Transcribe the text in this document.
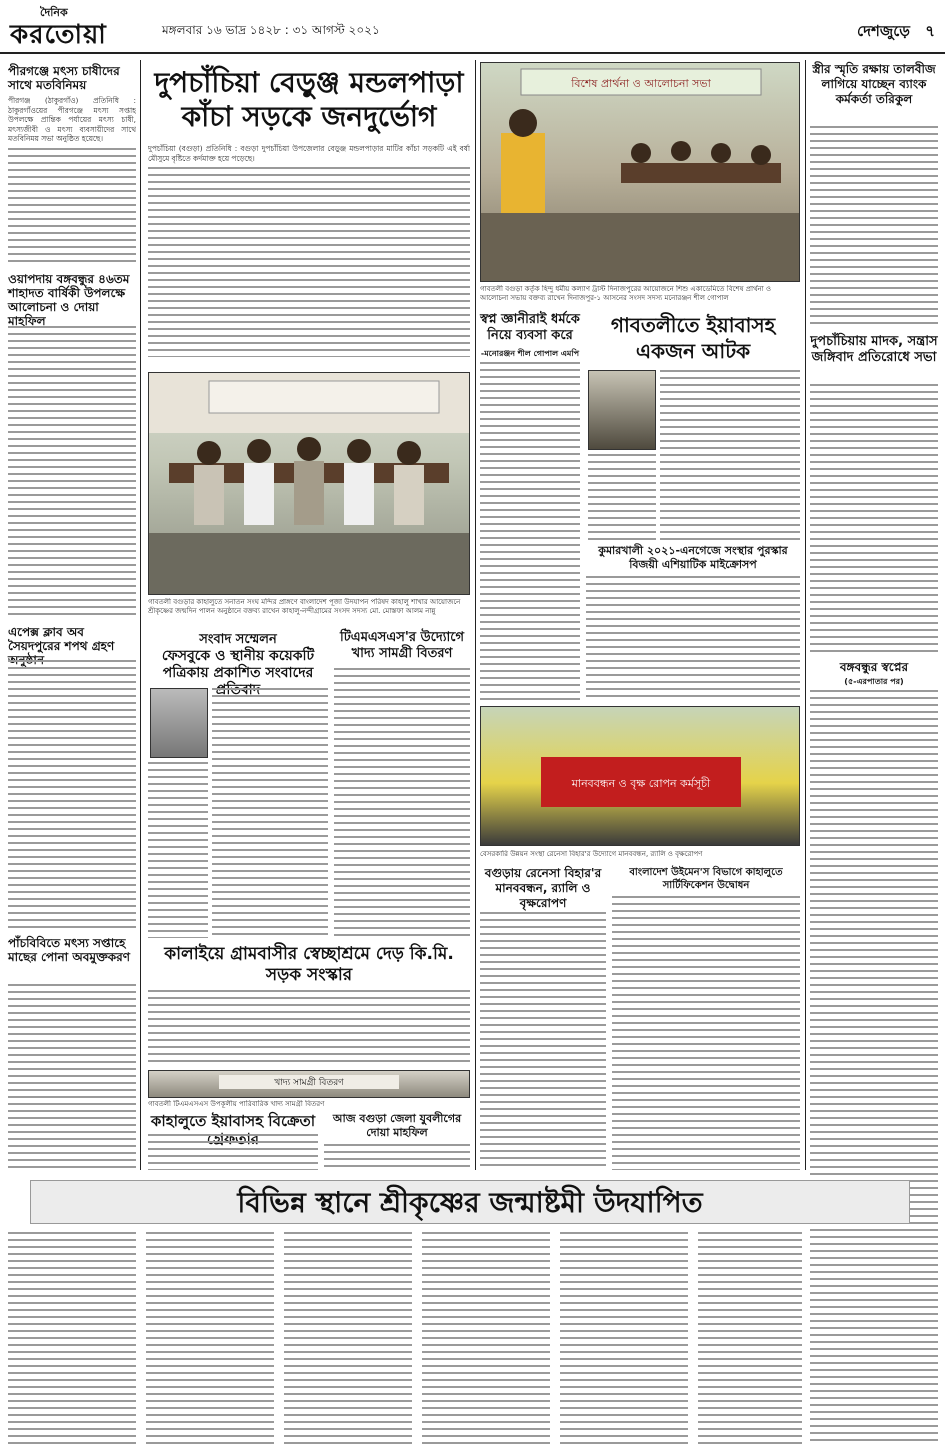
দৈনিক
করতোয়া	মঙ্গলবার ১৬ ভাদ্র ১৪২৮ : ৩১ আগস্ট ২০২১	দেশজুড়ে ৭
পীরগঞ্জে মৎস্য চাষীদের সাথে মতবিনিময়
পীরগঞ্জ (ঠাকুরগাঁও) প্রতিনিধি : ঠাকুরগাঁওয়ের পীরগঞ্জে মৎস্য সপ্তাহ উপলক্ষে প্রান্তিক পর্যায়ের মৎস্য চাষী, মৎস্যজীবী ও মৎস্য ব্যবসায়ীদের সাথে মতবিনিময় সভা অনুষ্ঠিত হয়েছে।
ওয়াপদায় বঙ্গবন্ধুর ৪৬তম শাহাদত বার্ষিকী উপলক্ষে আলোচনা ও দোয়া মাহফিল
এপেক্স ক্লাব অব সৈয়দপুরের শপথ গ্রহণ অনুষ্ঠান
পাঁচবিবিতে মৎস্য সপ্তাহে মাছের পোনা অবমুক্তকরণ
দুপচাঁচিয়া বেড়ুঞ্জ মন্ডলপাড়া কাঁচা সড়কে জনদুর্ভোগ
দুপচাঁচিয়া (বগুড়া) প্রতিনিধি : বগুড়া দুপচাঁচিয়া উপজেলার বেড়ুঞ্জ মন্ডলপাড়ার মাটির কাঁচা সড়কটি এই বর্ষা মৌসুমে বৃষ্টিতে কর্দমাক্ত হয়ে পড়েছে।
গাবতলী বগুড়ার কাহালুতে সনাতন সংঘ মন্দির প্রাঙ্গণে বাংলাদেশ পূজা উদযাপন পরিষদ কাহালু শাখার আয়োজনে শ্রীকৃষ্ণের জন্মদিন পালন অনুষ্ঠানে বক্তব্য রাখেন কাহালু-নন্দীগ্রামের সংসদ সদস্য মো. মোস্তফা আলম নান্নু
সংবাদ সম্মেলন
ফেসবুকে ও স্থানীয় কয়েকটি পত্রিকায় প্রকাশিত সংবাদের প্রতিবাদ
টিএমএসএস'র উদ্যোগে খাদ্য সামগ্রী বিতরণ
কালাইয়ে গ্রামবাসীর স্বেচ্ছাশ্রমে দেড় কি.মি. সড়ক সংস্কার
খাদ্য সামগ্রী বিতরণ
গাবতলী টিএমএসএস উপকূলীয় পারিবারিক খাদ্য সামগ্রী বিতরণ
কাহালুতে ইয়াবাসহ বিক্রেতা গ্রেফতার
আজ বগুড়া জেলা যুবলীগের দোয়া মাহফিল
বিশেষ প্রার্থনা ও আলোচনা সভা
গাবতলী বগুড়া কর্তৃক হিন্দু ধর্মীয় কল্যাণ ট্রাস্ট দিনাজপুরের আয়োজনে শিশু একাডেমিতে বিশেষ প্রার্থনা ও আলোচনা সভায় বক্তব্য রাখেন দিনাজপুর-১ আসনের সংসদ সদস্য মনোরঞ্জন শীল গোপাল
স্বপ্ন জ্ঞানীরাই ধর্মকে নিয়ে ব্যবসা করে
-মনোরঞ্জন শীল গোপাল এমপি
গাবতলীতে ইয়াবাসহ একজন আটক
কুমারখালী ২০২১-এনগেজে সংস্থার পুরস্কার বিজয়ী এশিয়াটিক মাইক্রোসপ
মানববন্ধন ও বৃক্ষ রোপন কর্মসূচী
বেসরকারি উন্নয়ন সংস্থা রেনেসা বিহার'র উদ্যোগে মানববন্ধন, র‍্যালি ও বৃক্ষরোপণ
বগুড়ায় রেনেসা বিহার'র মানববন্ধন, র‍্যালি ও বৃক্ষরোপণ
বাংলাদেশ উইমেন'স বিভাগে কাহালুতে সার্টিফিকেশন উদ্বোধন
স্ত্রীর স্মৃতি রক্ষায় তালবীজ লাগিয়ে যাচ্ছেন ব্যাংক কর্মকর্তা তরিকুল
দুপচাঁচিয়ায় মাদক, সন্ত্রাস জঙ্গিবাদ প্রতিরোধে সভা
বঙ্গবন্ধুর স্বপ্নের
(৫-এরপাতার পর)
বিভিন্ন স্থানে শ্রীকৃষ্ণের জন্মাষ্টমী উদযাপিত
